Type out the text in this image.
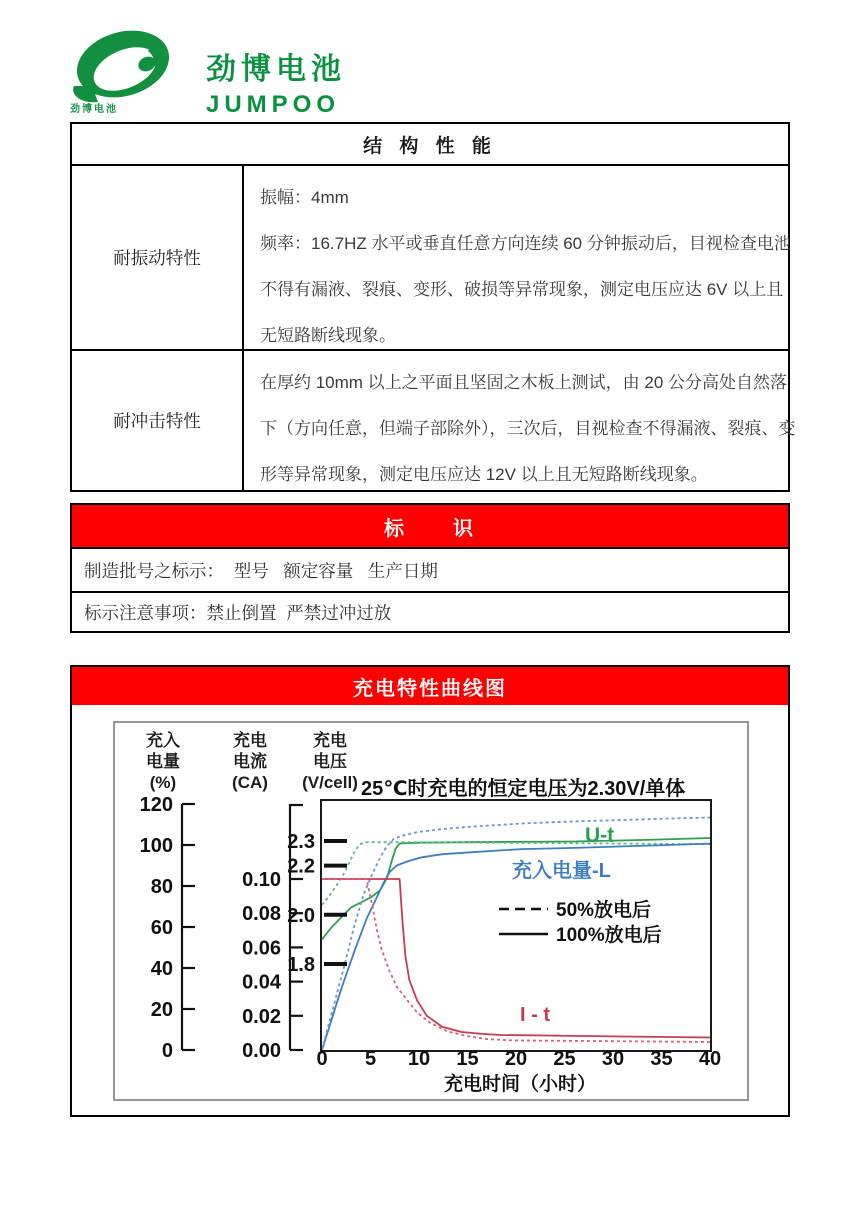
劲博电池
劲博电池
JUMPOO
结 构 性 能
耐振动特性
振幅：4mm
频率：16.7HZ 水平或垂直任意方向连续 60 分钟振动后，目视检查电池
不得有漏液、裂痕、变形、破损等异常现象，测定电压应达 6V 以上且
无短路断线现象。
耐冲击特性
在厚约 10mm 以上之平面且坚固之木板上测试，由 20 公分高处自然落
下（方向任意，但端子部除外），三次后，目视检查不得漏液、裂痕、变
形等异常现象，测定电压应达 12V 以上且无短路断线现象。
标　　识
制造批号之标示：  型号   额定容量   生产日期
标示注意事项：禁止倒置  严禁过冲过放
充电特性曲线图
充入
电量
(%)
充电
电流
(CA)
充电
电压
(V/cell) 25℃时充电的恒定电压为2.30V/单体
U-t
充入电量-L
I - t
50%放电后
100%放电后
120
100
80
60
40
20
0
0.10
0.08
0.06
0.04
0.02
0.00
2.3
2.2
2.0
1.8
0 5 10 15 20 25 30 35 40
充电时间（小时）
